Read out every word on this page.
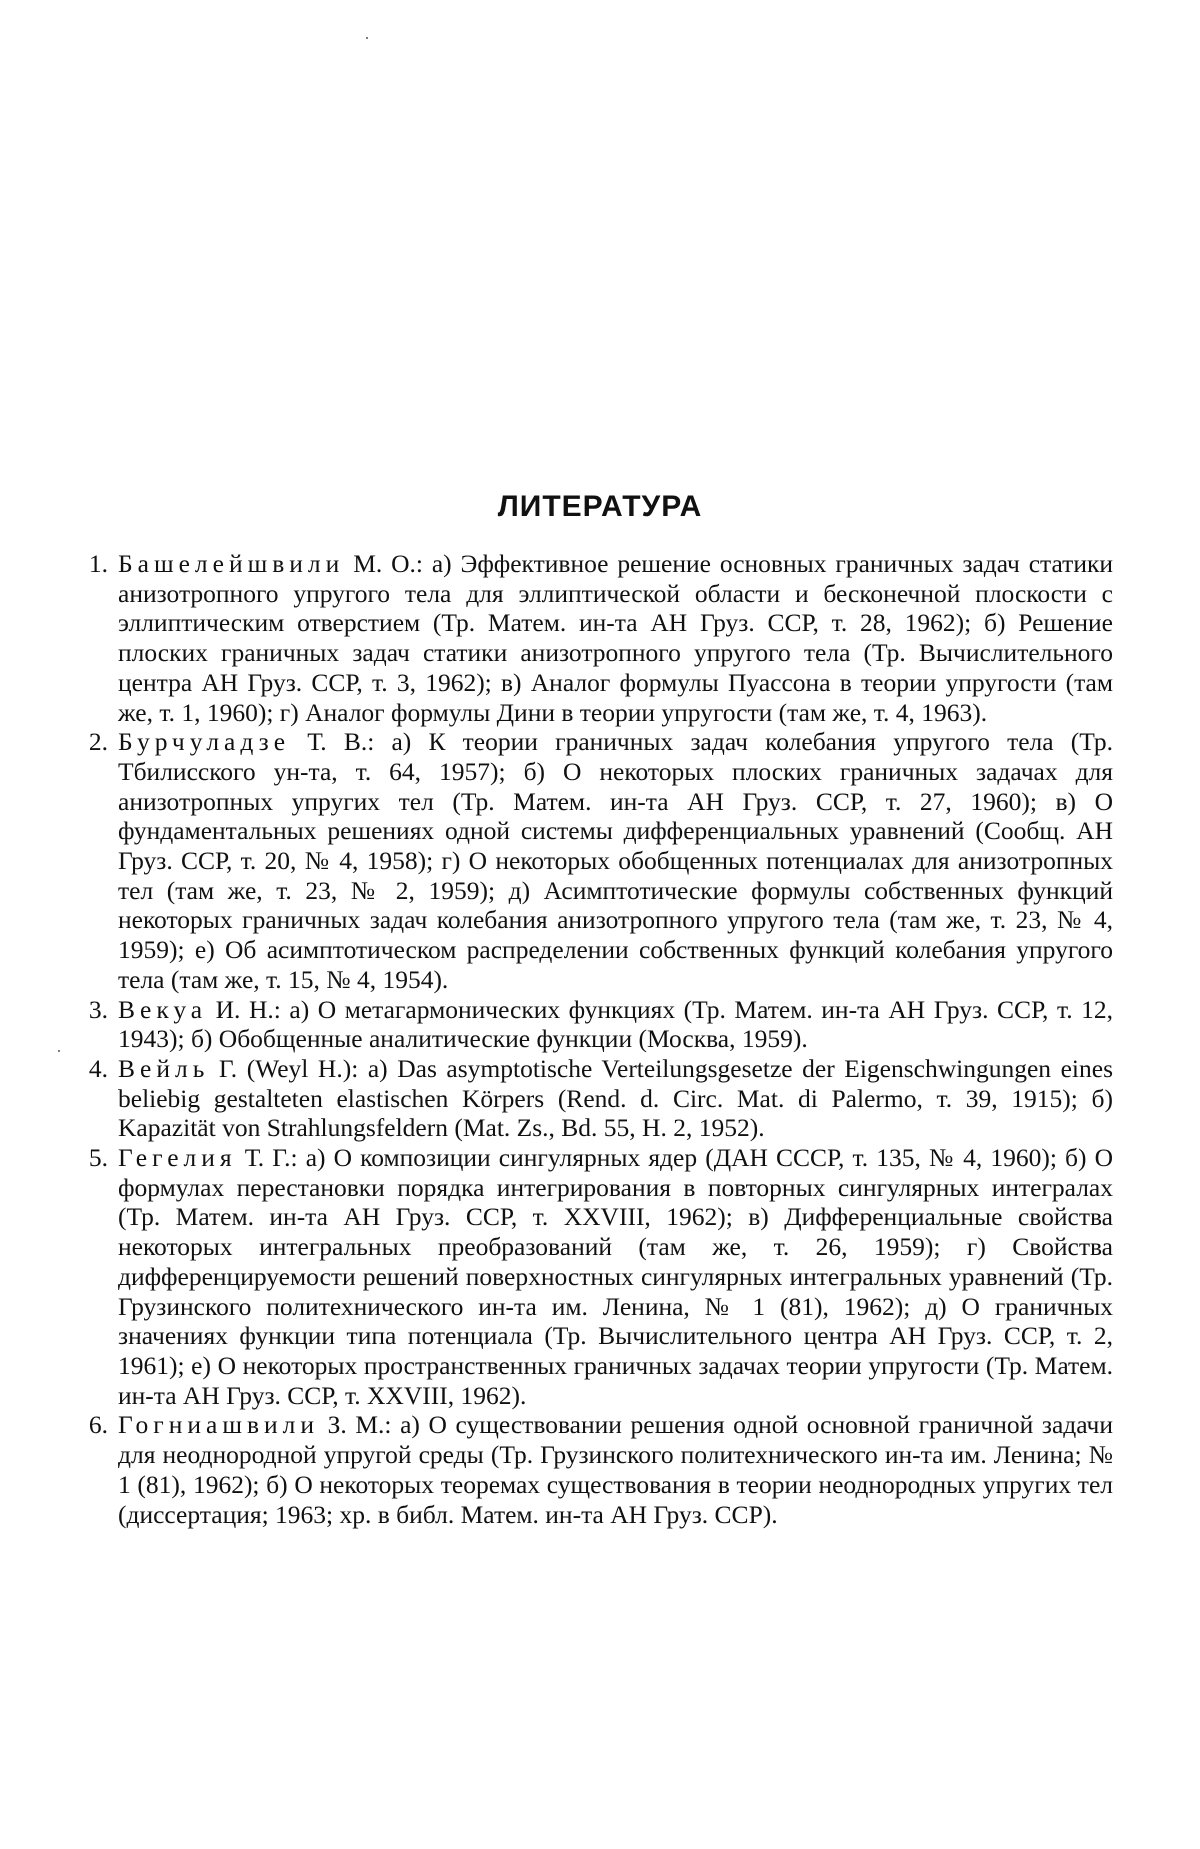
ЛИТЕРАТУРА
1. Башелейшвили М. О.: а) Эффективное решение основных граничных задач статики анизотропного упругого тела для эллиптической области и бесконечной плоскости с эллиптическим отверстием (Тр. Матем. ин-та АН Груз. ССР, т. 28, 1962); б) Решение плоских граничных задач статики анизотропного упругого тела (Тр. Вычислительного центра АН Груз. ССР, т. 3, 1962); в) Аналог формулы Пуассона в теории упругости (там же, т. 1, 1960); г) Аналог формулы Дини в теории упругости (там же, т. 4, 1963).
2. Бурчуладзе Т. В.: а) К теории граничных задач колебания упругого тела (Тр. Тбилисского ун-та, т. 64, 1957); б) О некоторых плоских граничных задачах для анизотропных упругих тел (Тр. Матем. ин-та АН Груз. ССР, т. 27, 1960); в) О фундаментальных решениях одной системы дифференциальных уравнений (Сообщ. АН Груз. ССР, т. 20, № 4, 1958); г) О некоторых обобщенных потенциалах для анизотропных тел (там же, т. 23, № 2, 1959); д) Асимптотические формулы собственных функций некоторых граничных задач колебания анизотропного упругого тела (там же, т. 23, № 4, 1959); е) Об асимптотическом распределении собственных функций колебания упругого тела (там же, т. 15, № 4, 1954).
3. Векуа И. Н.: а) О метагармонических функциях (Тр. Матем. ин-та АН Груз. ССР, т. 12, 1943); б) Обобщенные аналитические функции (Москва, 1959).
4. Вейль Г. (Weyl H.): а) Das asymptotische Verteilungsgesetze der Eigenschwingungen eines beliebig gestalteten elastischen Körpers (Rend. d. Circ. Mat. di Palermo, т. 39, 1915); б) Kapazität von Strahlungsfeldern (Mat. Zs., Bd. 55, H. 2, 1952).
5. Гегелия Т. Г.: а) О композиции сингулярных ядер (ДАН СССР, т. 135, № 4, 1960); б) О формулах перестановки порядка интегрирования в повторных сингулярных интегралах (Тр. Матем. ин-та АН Груз. ССР, т. XXVIII, 1962); в) Дифференциальные свойства некоторых интегральных преобразований (там же, т. 26, 1959); г) Свойства дифференцируемости решений поверхностных сингулярных интегральных уравнений (Тр. Грузинского политехнического ин-та им. Ленина, № 1 (81), 1962); д) О граничных значениях функции типа потенциала (Тр. Вычислительного центра АН Груз. ССР, т. 2, 1961); е) О некоторых пространственных граничных задачах теории упругости (Тр. Матем. ин-та АН Груз. ССР, т. XXVIII, 1962).
6. Гогниашвили З. М.: а) О существовании решения одной основной граничной задачи для неоднородной упругой среды (Тр. Грузинского политехнического ин-та им. Ленина; № 1 (81), 1962); б) О некоторых теоремах существования в теории неоднородных упругих тел (диссертация; 1963; хр. в библ. Матем. ин-та АН Груз. ССР).
